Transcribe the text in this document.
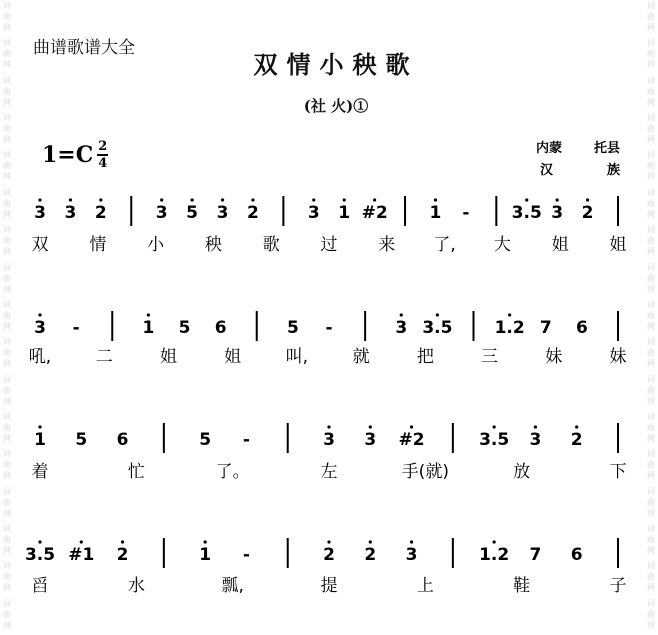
词
曲
网
词
曲
网
词
曲
网
词
曲
网
词
曲
网
词
曲
网
词
曲
网
词
曲
网
词
曲
网
词
曲
网
词
曲
网
词
曲
网
词
曲
网
词
曲
网
词
曲
网
词
曲
网
词
曲
网
词
曲
网
词
曲
网
词
曲
网
词
曲
网
词
曲
网
词
曲
网
词
曲
网
词
曲
网
词
曲
网
词
曲
网
词
曲
网
词
曲
网
词
曲
网
词
曲
网
词
曲
网
词
曲
网
词
曲
网
曲谱歌谱大全
双情小秧歌
(社 火)①
1=C 2
4
内蒙 托县
汉	族
3 3 2	3 5 3 2	3 1 #2 1 - 3.5 3 2
双 情 小 秧 歌 过 来 了, 大 姐 姐
3 -	1 5 6	5 -	3 3.5 1.2 7 6
吼,	二	姐	姐	叫,	就	把	三	妹	妹
1 5 6	5 -	3 3 #2	3.5 3 2
着	忙	了。	左	手(就)	放	下
3.5 #1 2	1 -	2 2 3	1.2 7 6
舀	水	瓢,	提	上	鞋	子
